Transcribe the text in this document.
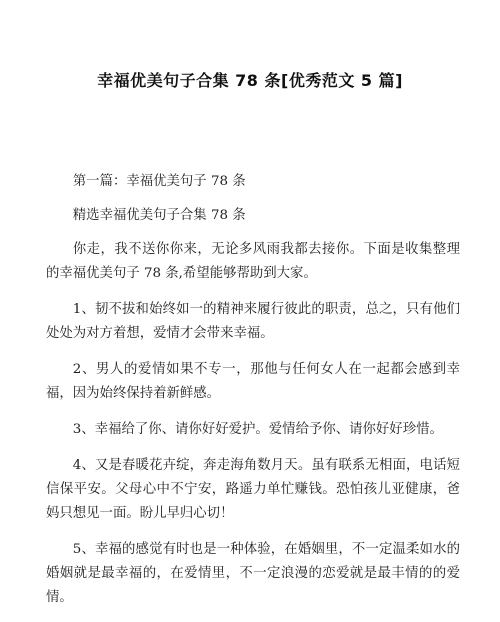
幸福优美句子合集 78 条[优秀范文 5 篇]

第一篇：幸福优美句子 78 条

精选幸福优美句子合集 78 条

你走，我不送你你来，无论多风雨我都去接你。下面是收集整理的幸福优美句子 78 条,希望能够帮助到大家。

1、韧不拔和始终如一的精神来履行彼此的职责，总之，只有他们处处为对方着想，爱情才会带来幸福。

2、男人的爱情如果不专一，那他与任何女人在一起都会感到幸福，因为始终保持着新鲜感。

3、幸福给了你、请你好好爱护。爱情给予你、请你好好珍惜。

4、又是春暖花卉绽，奔走海角数月天。虽有联系无相面，电话短信保平安。父母心中不宁安，路遥力单忙赚钱。恐怕孩儿亚健康，爸妈只想见一面。盼儿早归心切！

5、幸福的感觉有时也是一种体验，在婚姻里，不一定温柔如水的婚姻就是最幸福的，在爱情里，不一定浪漫的恋爱就是最丰情的的爱情。
